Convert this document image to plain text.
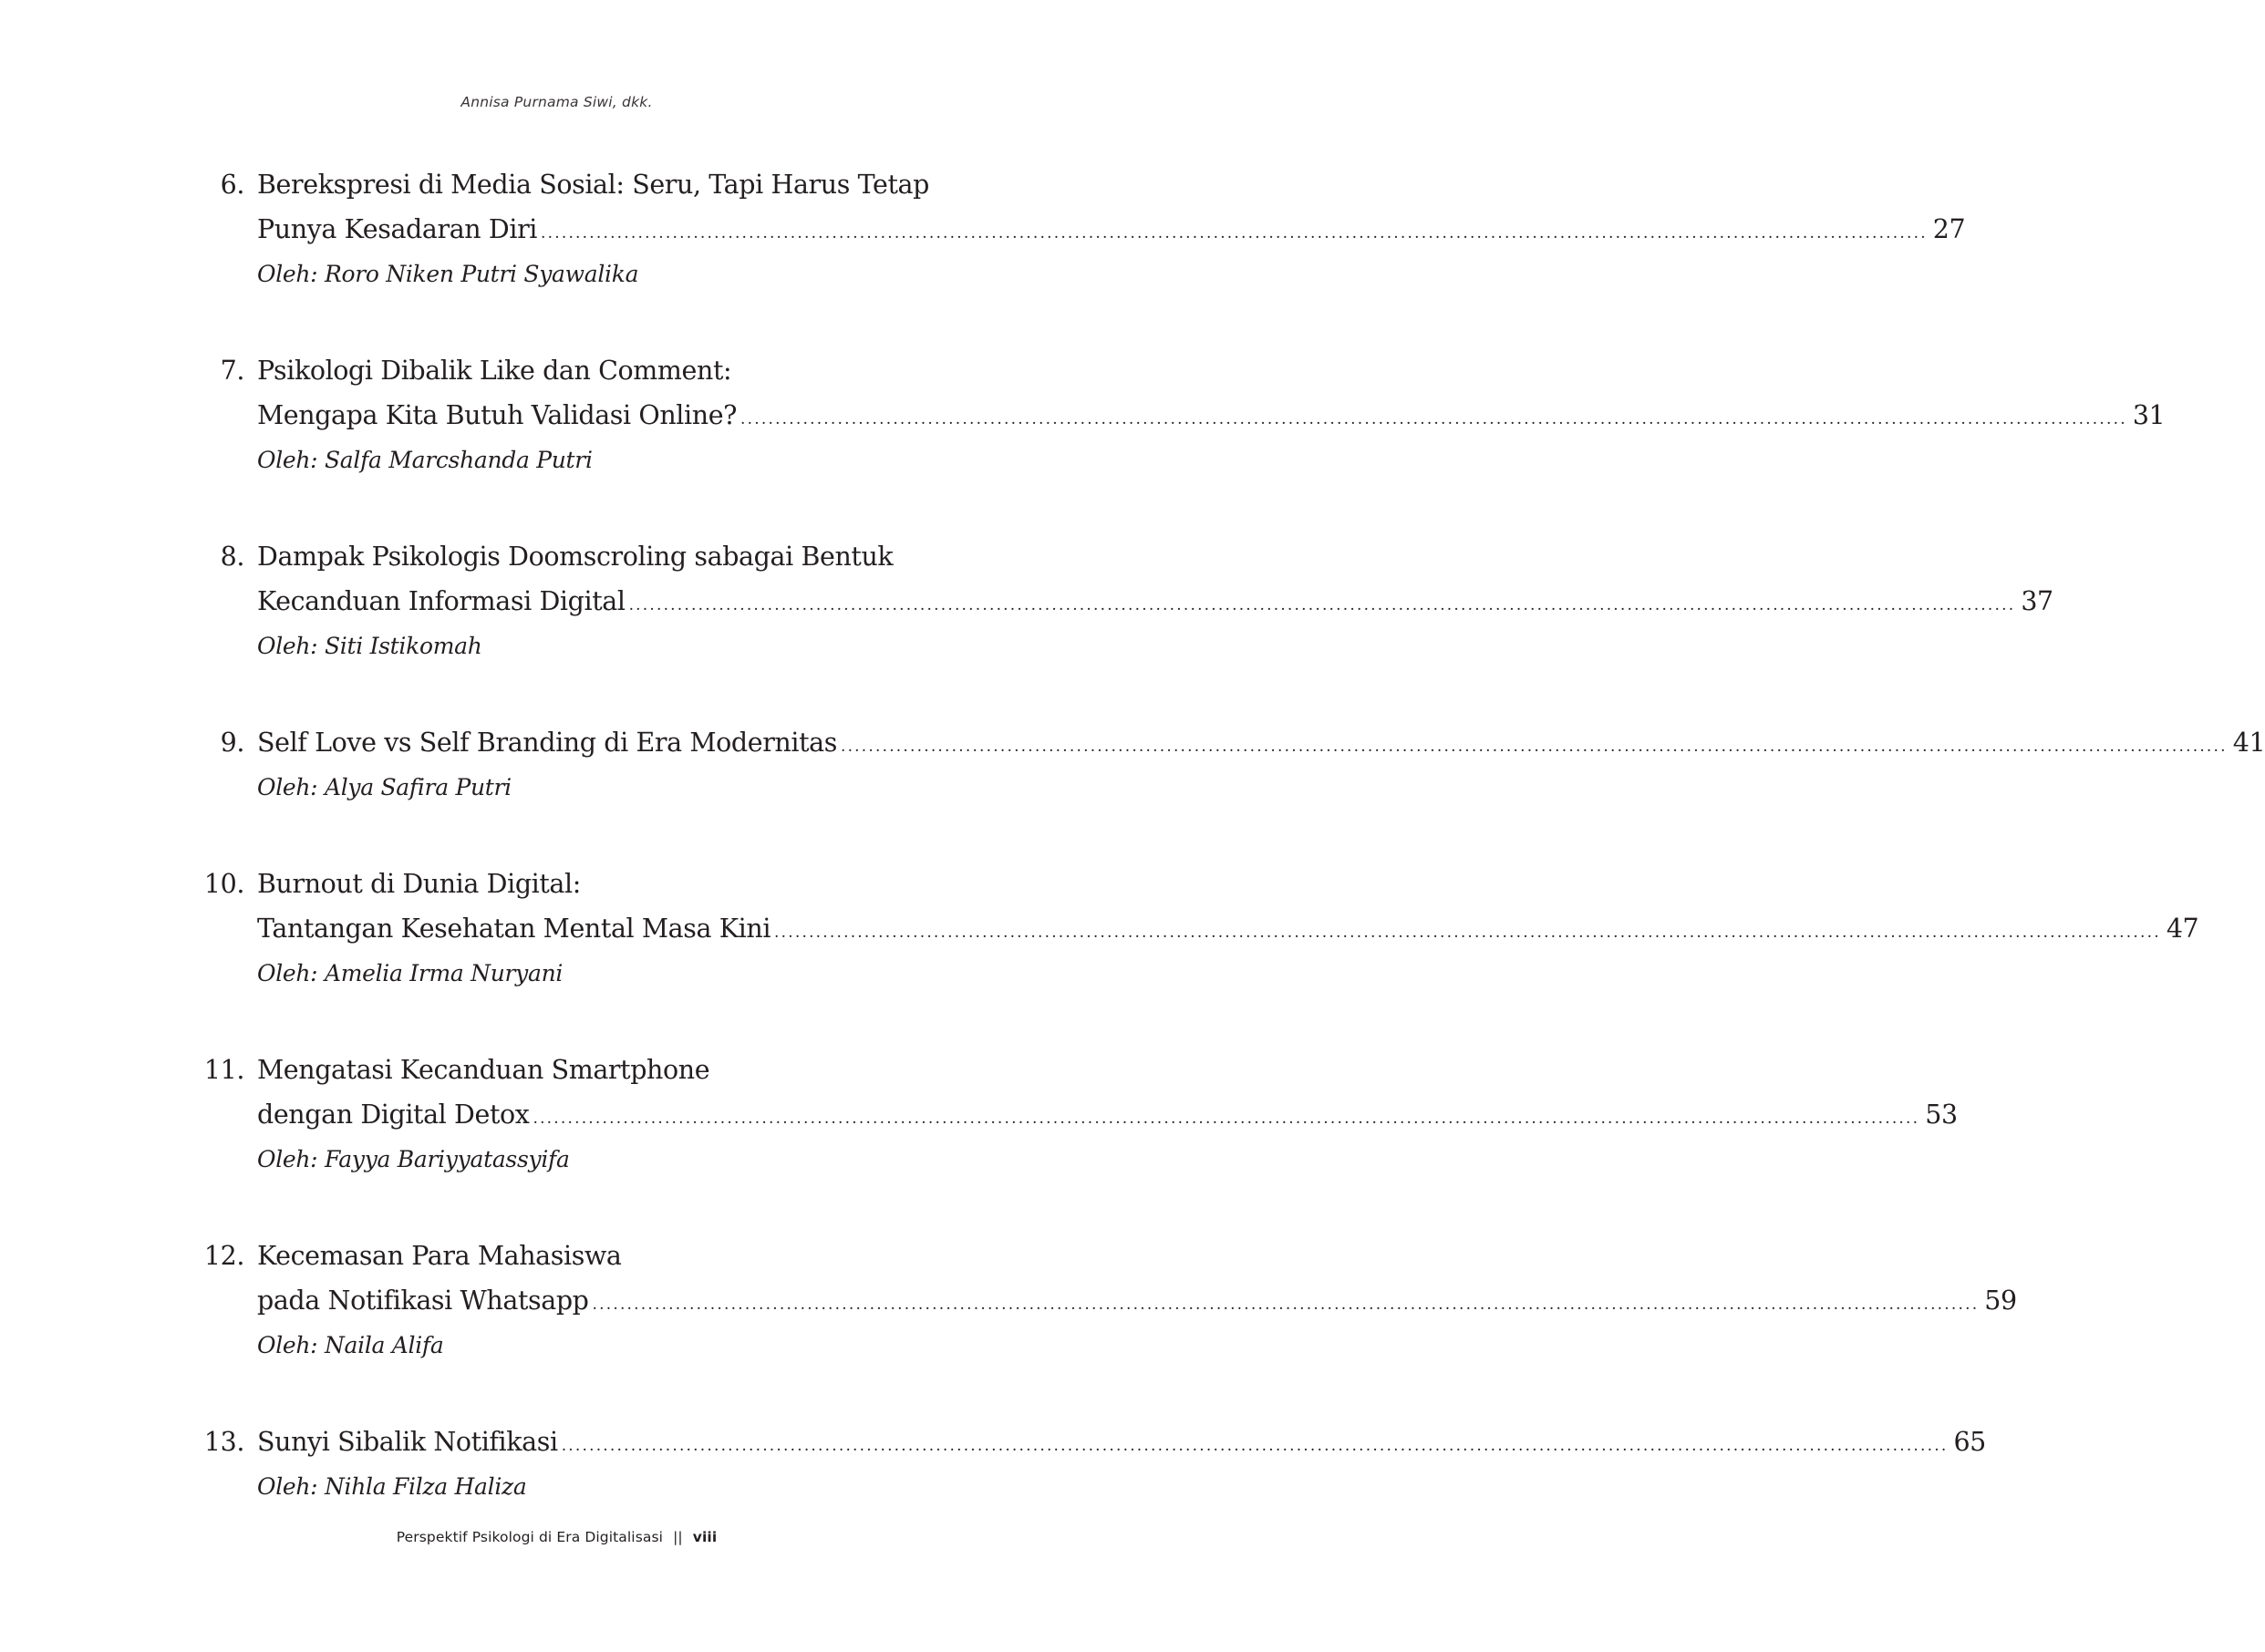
Annisa Purnama Siwi, dkk.
6. Berekspresi di Media Sosial: Seru, Tapi Harus Tetap
Punya Kesadaran Diri ........................................................................................................................................................................................................ 27
Oleh: Roro Niken Putri Syawalika
7. Psikologi Dibalik Like dan Comment:
Mengapa Kita Butuh Validasi Online? ........................................................................................................................................................................................................ 31
Oleh: Salfa Marcshanda Putri
8. Dampak Psikologis Doomscroling sabagai Bentuk
Kecanduan Informasi Digital ........................................................................................................................................................................................................ 37
Oleh: Siti Istikomah
9. Self Love vs Self Branding di Era Modernitas ........................................................................................................................................................................................................ 41
Oleh: Alya Safira Putri
10. Burnout di Dunia Digital:
Tantangan Kesehatan Mental Masa Kini ........................................................................................................................................................................................................ 47
Oleh: Amelia Irma Nuryani
11. Mengatasi Kecanduan Smartphone
dengan Digital Detox ........................................................................................................................................................................................................ 53
Oleh: Fayya Bariyyatassyifa
12. Kecemasan Para Mahasiswa
pada Notifikasi Whatsapp ........................................................................................................................................................................................................ 59
Oleh: Naila Alifa
13. Sunyi Sibalik Notifikasi ........................................................................................................................................................................................................ 65
Oleh: Nihla Filza Haliza
Perspektif Psikologi di Era Digitalisasi || viii
